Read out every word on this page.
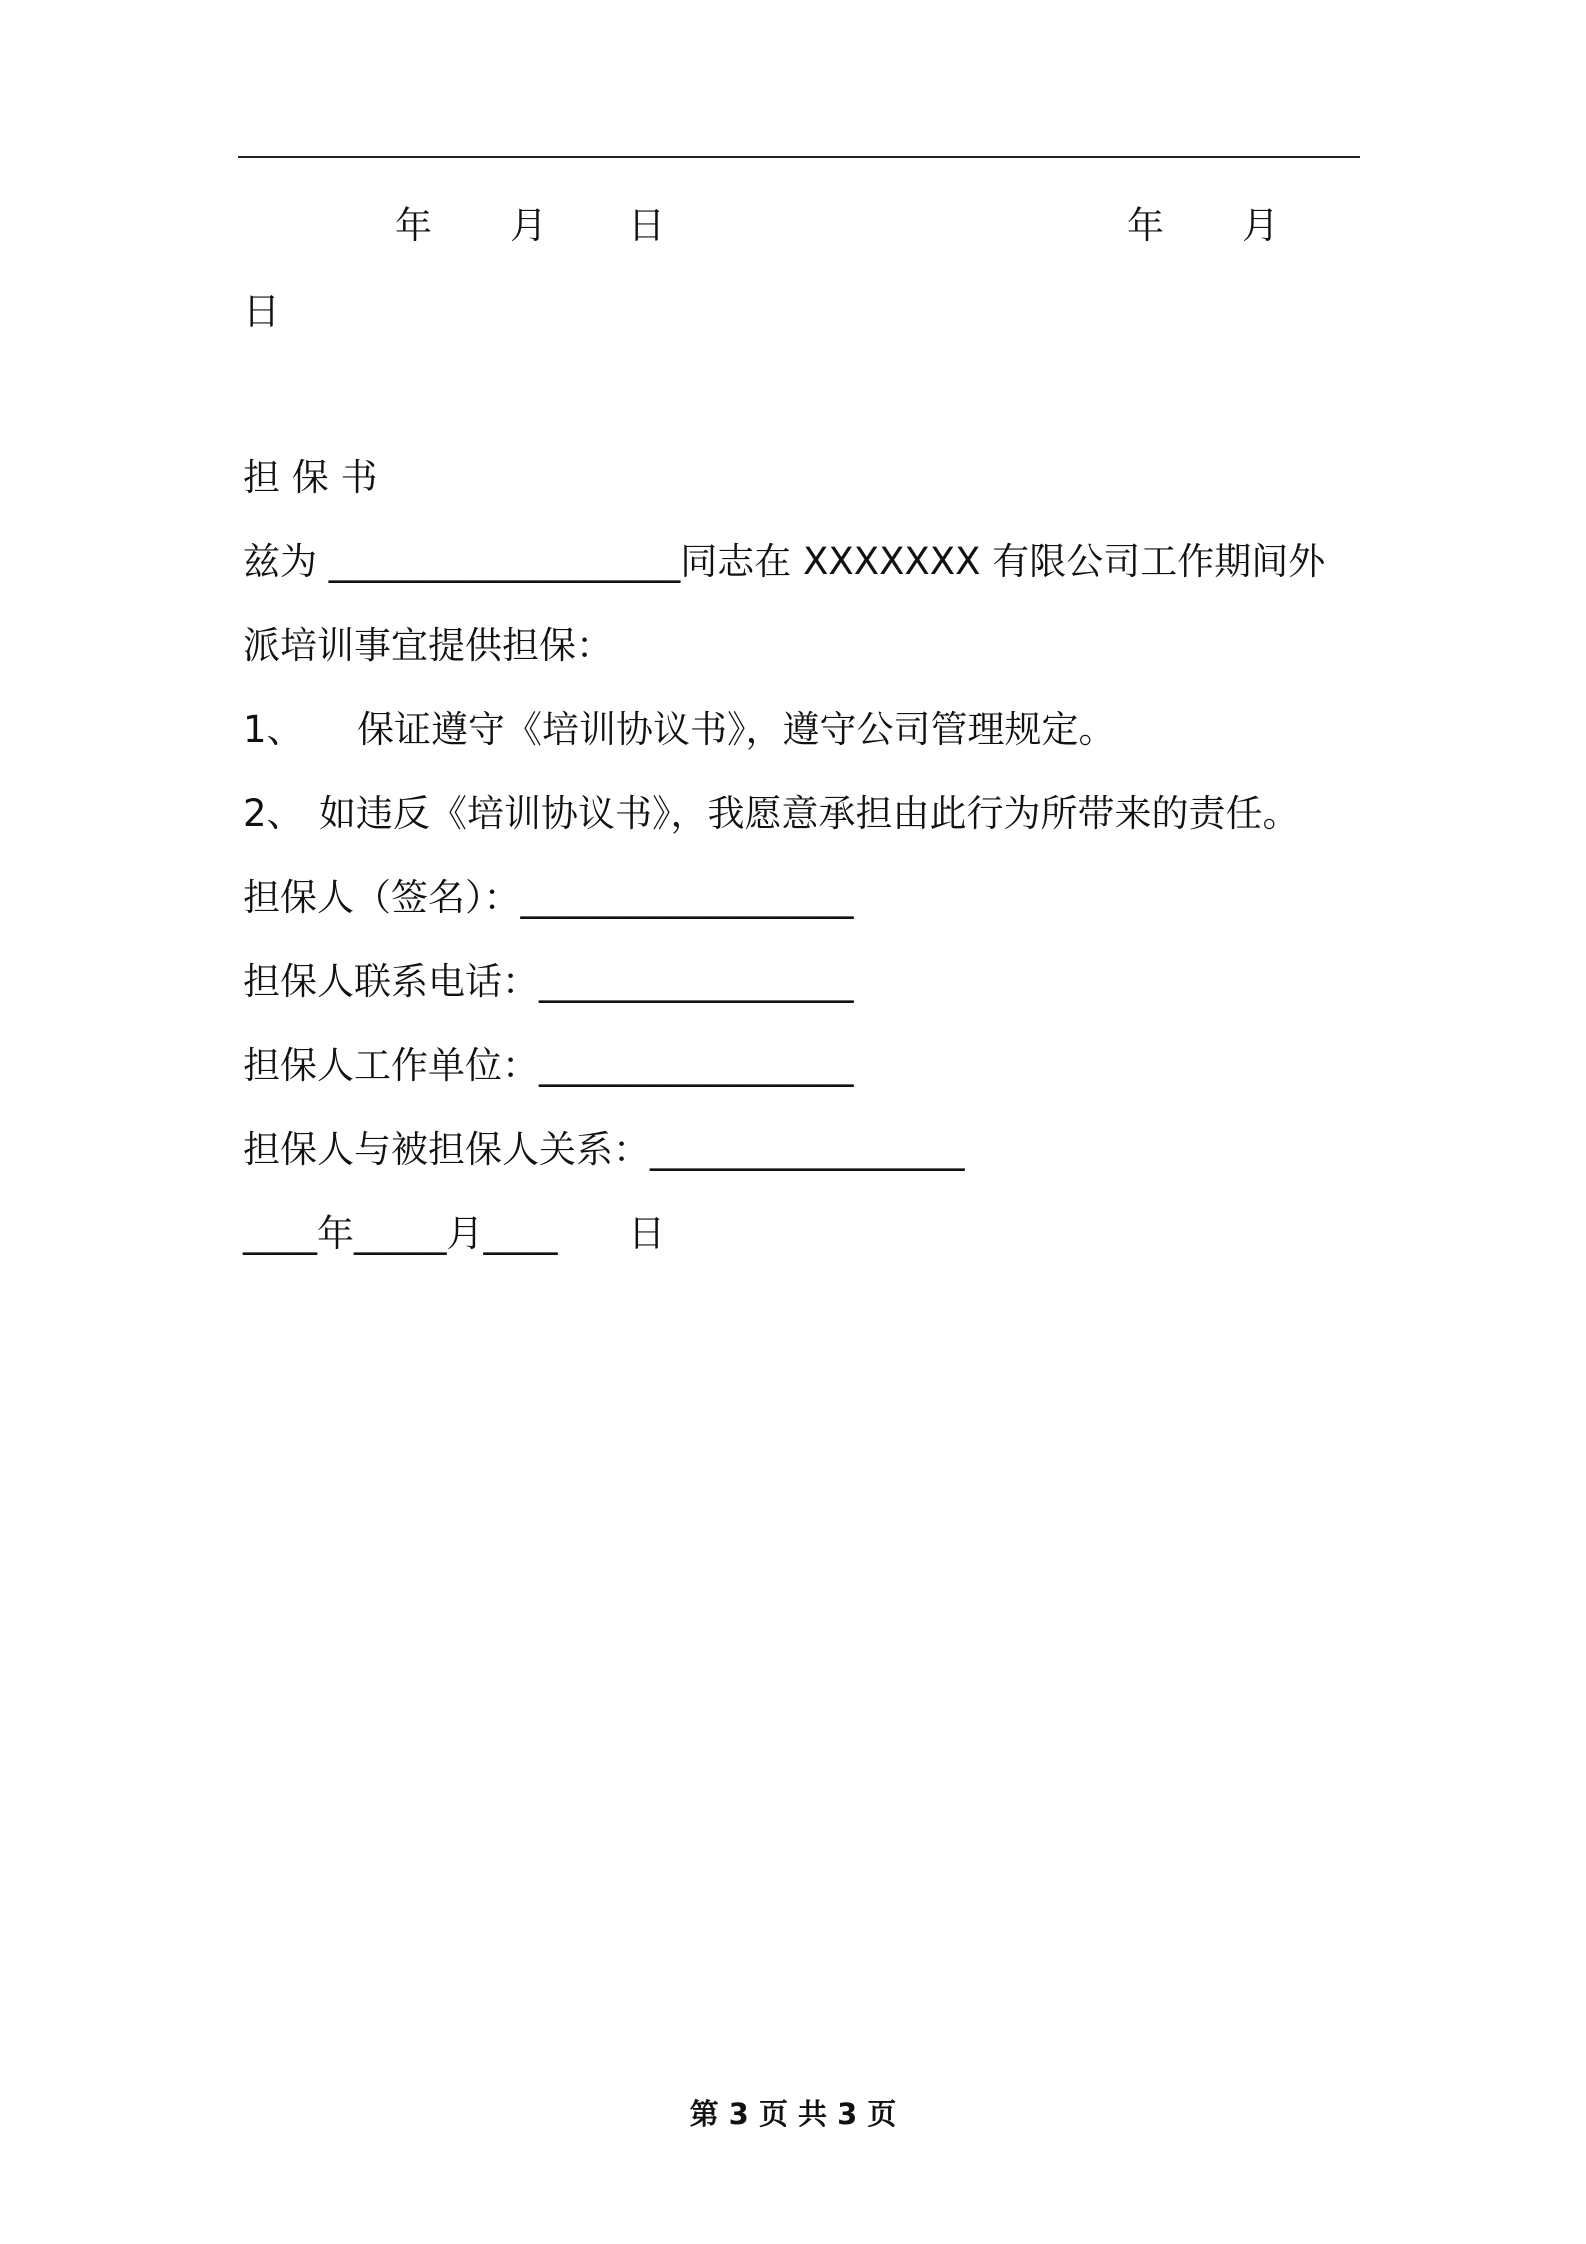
年 月 日	年 月
日
担 保 书
兹为 ___________________同志在 XXXXXXX 有限公司工作期间外
派培训事宜提供担保：
1、 保证遵守《培训协议书》，遵守公司管理规定。
2、 如违反《培训协议书》，我愿意承担由此行为所带来的责任。
担保人（签名）：__________________
担保人联系电话：_________________
担保人工作单位：_________________
担保人与被担保人关系：_________________
____年_____月____      日
第 3 页 共 3 页
